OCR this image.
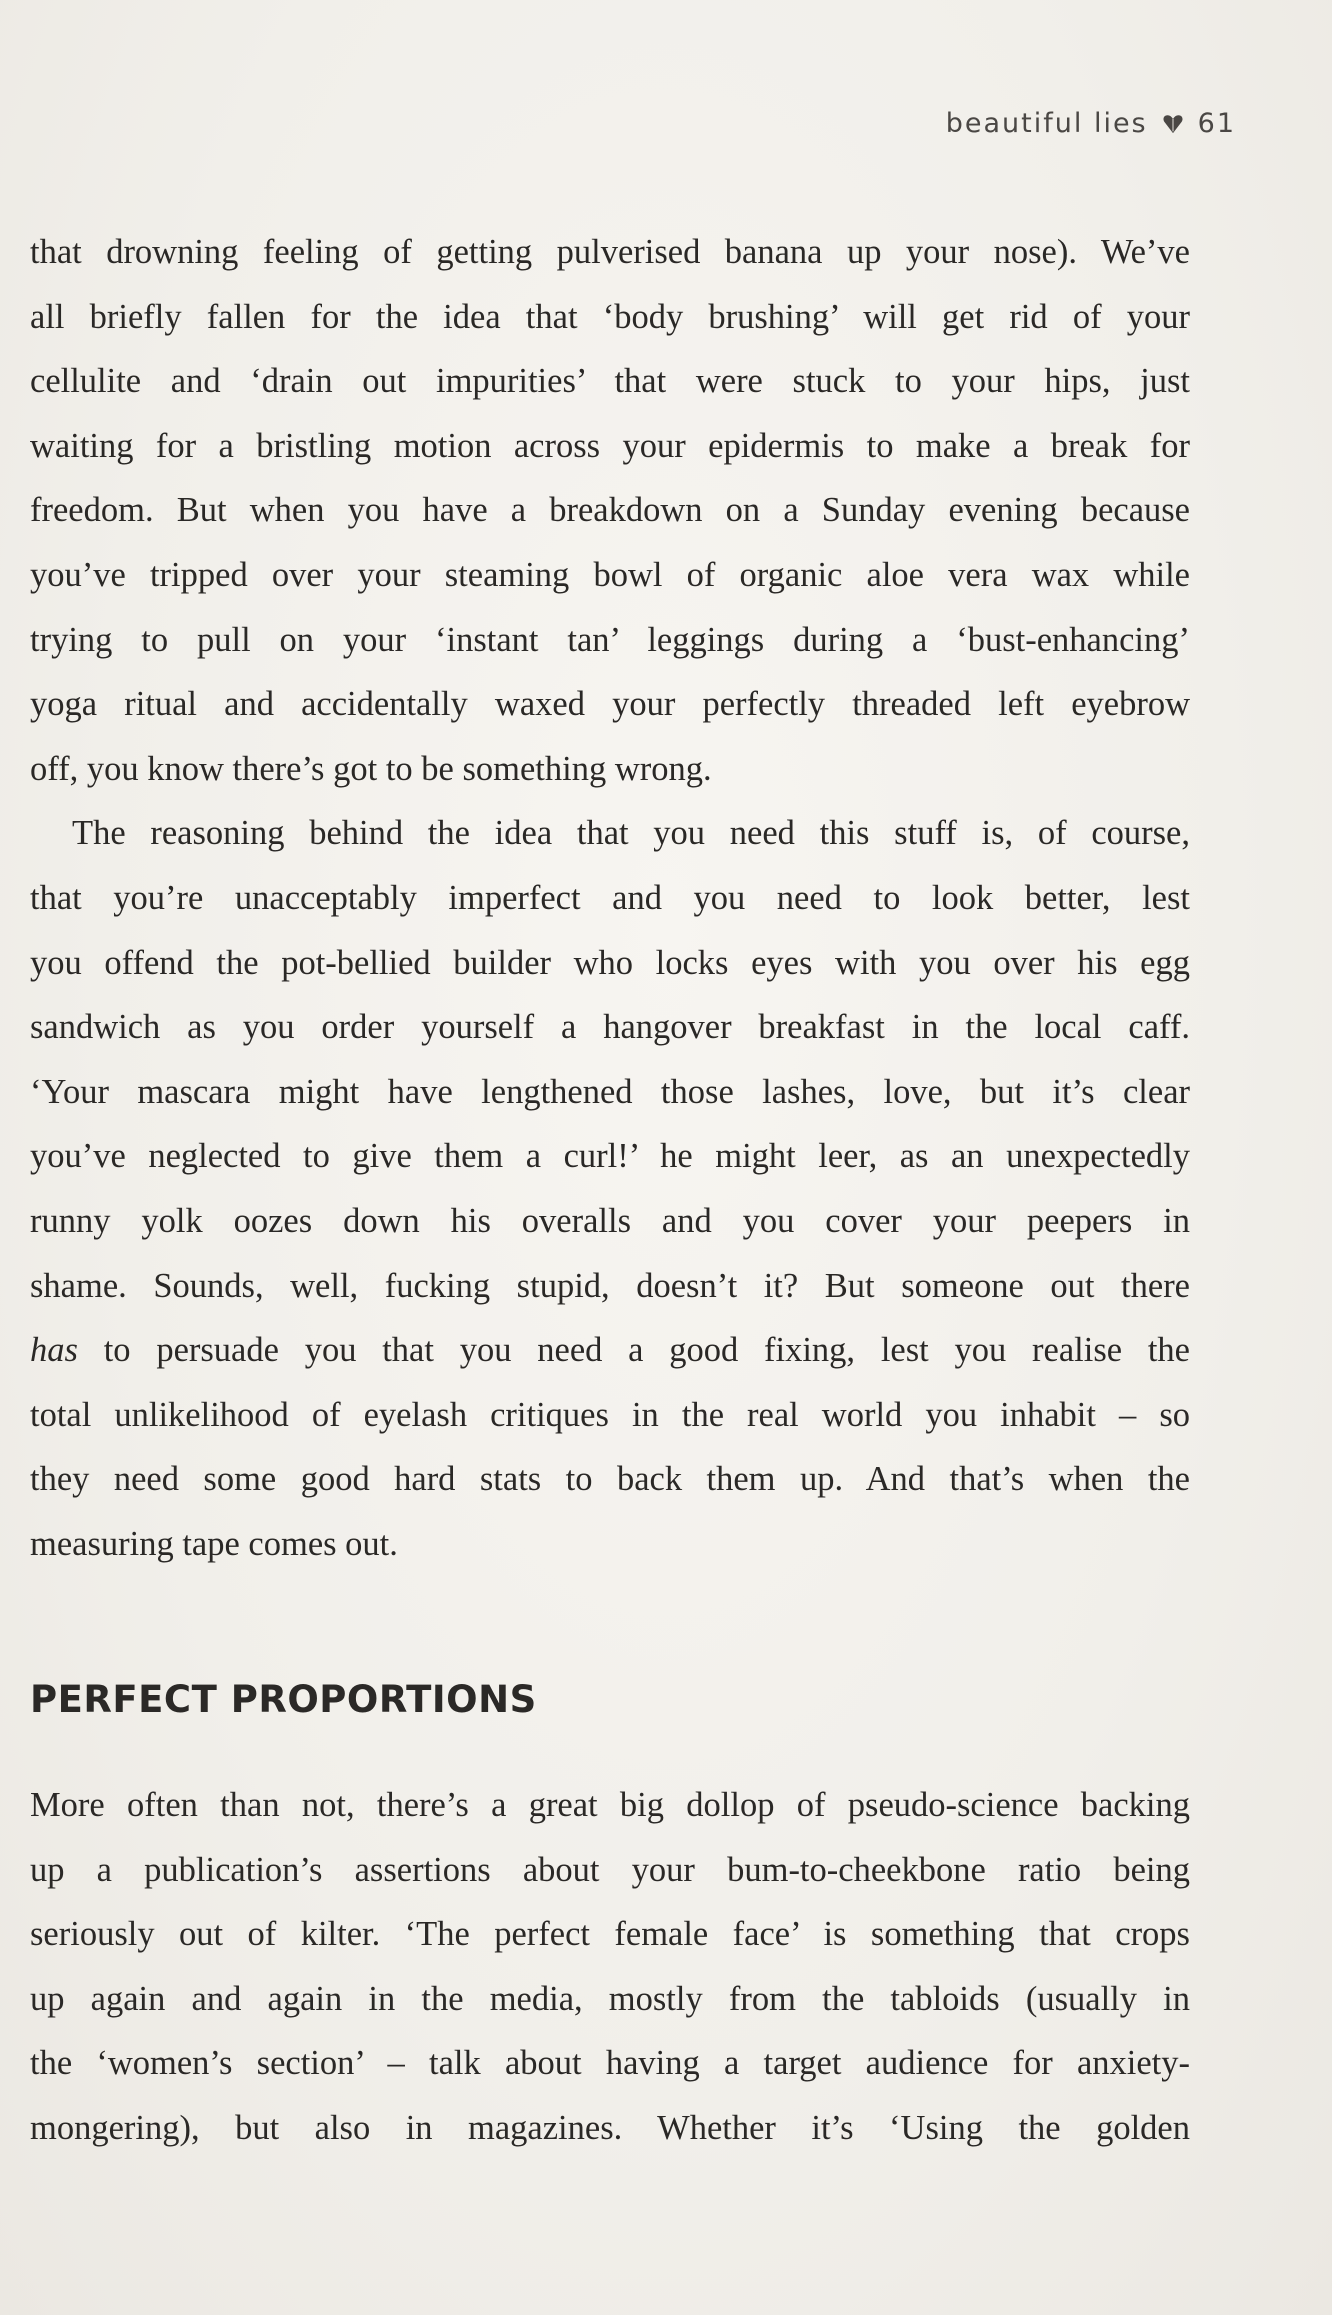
beautiful lies 61
that drowning feeling of getting pulverised banana up your nose). We’ve
all briefly fallen for the idea that ‘body brushing’ will get rid of your
cellulite and ‘drain out impurities’ that were stuck to your hips, just
waiting for a bristling motion across your epidermis to make a break for
freedom. But when you have a breakdown on a Sunday evening because
you’ve tripped over your steaming bowl of organic aloe vera wax while
trying to pull on your ‘instant tan’ leggings during a ‘bust-enhancing’
yoga ritual and accidentally waxed your perfectly threaded left eyebrow
off, you know there’s got to be something wrong.
The reasoning behind the idea that you need this stuff is, of course,
that you’re unacceptably imperfect and you need to look better, lest
you offend the pot-bellied builder who locks eyes with you over his egg
sandwich as you order yourself a hangover breakfast in the local caff.
‘Your mascara might have lengthened those lashes, love, but it’s clear
you’ve neglected to give them a curl!’ he might leer, as an unexpectedly
runny yolk oozes down his overalls and you cover your peepers in
shame. Sounds, well, fucking stupid, doesn’t it? But someone out there
has to persuade you that you need a good fixing, lest you realise the
total unlikelihood of eyelash critiques in the real world you inhabit – so
they need some good hard stats to back them up. And that’s when the
measuring tape comes out.
PERFECT PROPORTIONS
More often than not, there’s a great big dollop of pseudo-science backing
up a publication’s assertions about your bum-to-cheekbone ratio being
seriously out of kilter. ‘The perfect female face’ is something that crops
up again and again in the media, mostly from the tabloids (usually in
the ‘women’s section’ – talk about having a target audience for anxiety-
mongering), but also in magazines. Whether it’s ‘Using the golden
